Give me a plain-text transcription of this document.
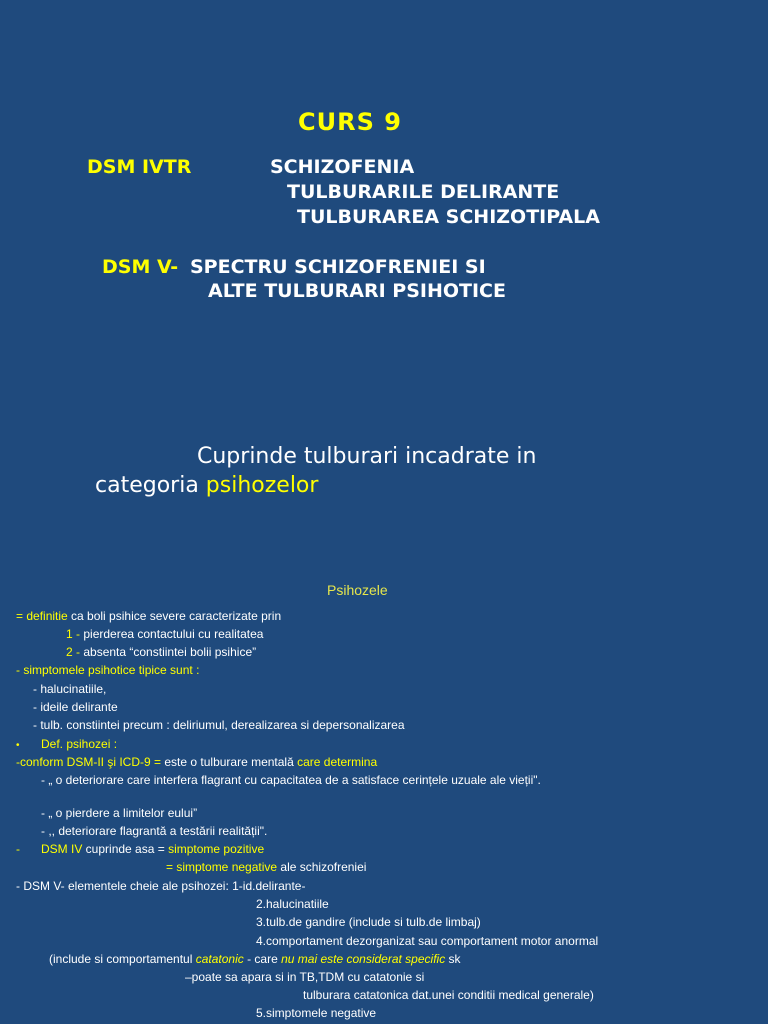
CURS 9
DSM IVTR	SCHIZOFENIA
TULBURARILE DELIRANTE
TULBURAREA SCHIZOTIPALA
DSM V- SPECTRU SCHIZOFRENIEI SI
ALTE TULBURARI PSIHOTICE
Cuprinde tulburari incadrate in
categoria psihozelor
Psihozele
= definitie ca boli psihice severe caracterizate prin
1 - pierderea contactului cu realitatea
2 - absenta “constiintei bolii psihice”
- simptomele psihotice tipice sunt :
- halucinatiile,
- ideile delirante
- tulb. constiintei precum : deliriumul, derealizarea si depersonalizarea
• Def. psihozei :
-conform DSM-II şi ICD-9 = este o tulburare mentală care determina
- „ o deteriorare care interfera flagrant cu capacitatea de a satisface cerințele uzuale ale vieții".
- „ o pierdere a limitelor eului”
- ,, deteriorare flagrantă a testării realității".
- DSM IV cuprinde asa = simptome pozitive
= simptome negative ale schizofreniei
- DSM V- elementele cheie ale psihozei: 1-id.delirante-
2.halucinatiile
3.tulb.de gandire (include si tulb.de limbaj)
4.comportament dezorganizat sau comportament motor anormal
(include si comportamentul catatonic - care nu mai este considerat specific sk
–poate sa apara si in TB,TDM cu catatonie si
tulburara catatonica dat.unei conditii medical generale)
5.simptomele negative
